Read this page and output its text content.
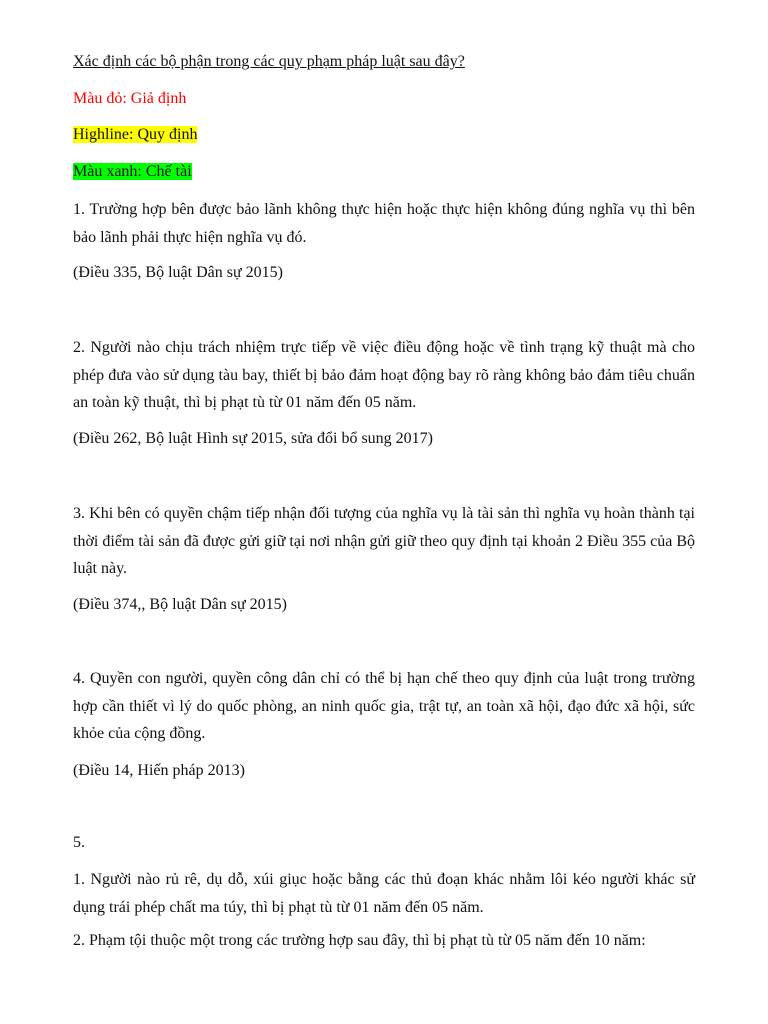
Xác định các bộ phận trong các quy phạm pháp luật sau đây?

Màu đỏ: Giả định

Highline: Quy định

Màu xanh: Chế tài

1. Trường hợp bên được bảo lãnh không thực hiện hoặc thực hiện không đúng nghĩa vụ thì bên bảo lãnh phải thực hiện nghĩa vụ đó.

(Điều 335, Bộ luật Dân sự 2015)

2. Người nào chịu trách nhiệm trực tiếp về việc điều động hoặc về tình trạng kỹ thuật mà cho phép đưa vào sử dụng tàu bay, thiết bị bảo đảm hoạt động bay rõ ràng không bảo đảm tiêu chuẩn an toàn kỹ thuật, thì bị phạt tù từ 01 năm đến 05 năm.

(Điều 262, Bộ luật Hình sự 2015, sửa đổi bổ sung 2017)

3. Khi bên có quyền chậm tiếp nhận đối tượng của nghĩa vụ là tài sản thì nghĩa vụ hoàn thành tại thời điểm tài sản đã được gửi giữ tại nơi nhận gửi giữ theo quy định tại khoản 2 Điều 355 của Bộ luật này.

(Điều 374,, Bộ luật Dân sự 2015)

4. Quyền con người, quyền công dân chỉ có thể bị hạn chế theo quy định của luật trong trường hợp cần thiết vì lý do quốc phòng, an ninh quốc gia, trật tự, an toàn xã hội, đạo đức xã hội, sức khỏe của cộng đồng.

(Điều 14, Hiến pháp 2013)

5.

1. Người nào rủ rê, dụ dỗ, xúi giục hoặc bằng các thủ đoạn khác nhằm lôi kéo người khác sử dụng trái phép chất ma túy, thì bị phạt tù từ 01 năm đến 05 năm.

2. Phạm tội thuộc một trong các trường hợp sau đây, thì bị phạt tù từ 05 năm đến 10 năm:
